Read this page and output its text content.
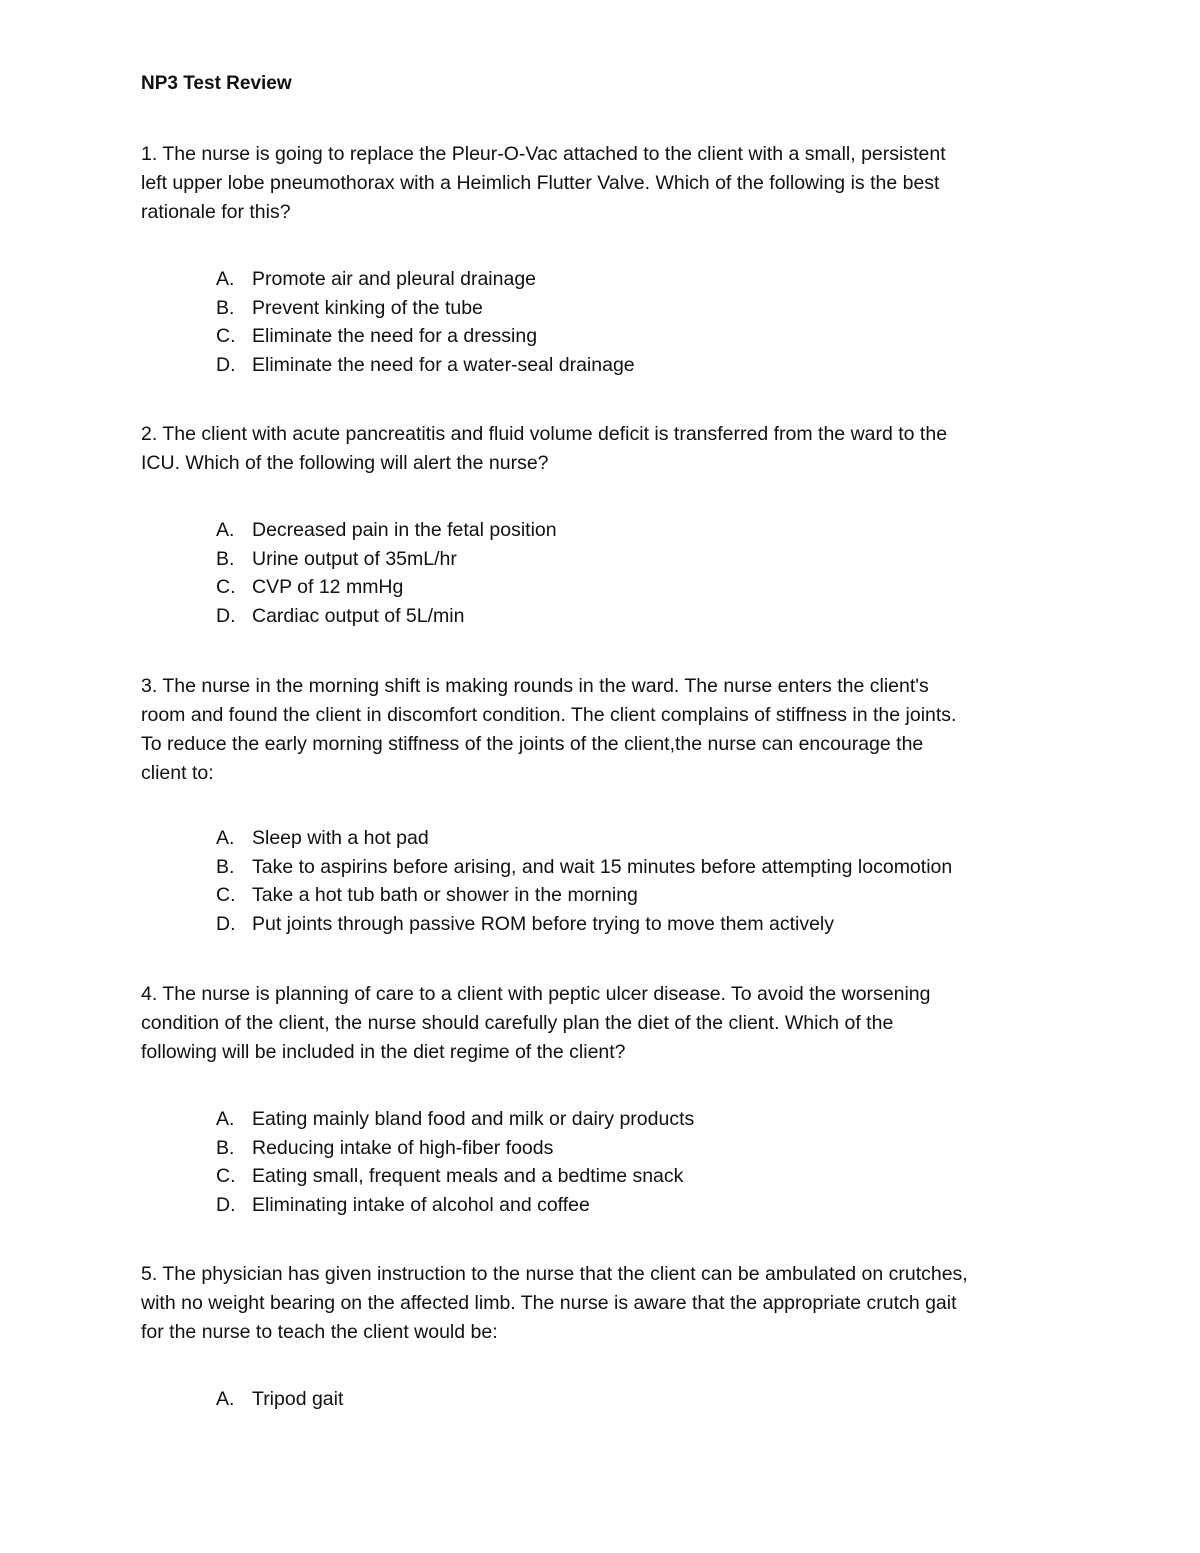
NP3 Test Review

1. The nurse is going to replace the Pleur-O-Vac attached to the client with a small, persistent
left upper lobe pneumothorax with a Heimlich Flutter Valve. Which of the following is the best
rationale for this?

A. Promote air and pleural drainage
B. Prevent kinking of the tube
C. Eliminate the need for a dressing
D. Eliminate the need for a water-seal drainage

2. The client with acute pancreatitis and fluid volume deficit is transferred from the ward to the
ICU. Which of the following will alert the nurse?

A. Decreased pain in the fetal position
B. Urine output of 35mL/hr
C. CVP of 12 mmHg
D. Cardiac output of 5L/min

3. The nurse in the morning shift is making rounds in the ward. The nurse enters the client's
room and found the client in discomfort condition. The client complains of stiffness in the joints.
To reduce the early morning stiffness of the joints of the client,the nurse can encourage the
client to:

A. Sleep with a hot pad
B. Take to aspirins before arising, and wait 15 minutes before attempting locomotion
C. Take a hot tub bath or shower in the morning
D. Put joints through passive ROM before trying to move them actively

4. The nurse is planning of care to a client with peptic ulcer disease. To avoid the worsening
condition of the client, the nurse should carefully plan the diet of the client. Which of the
following will be included in the diet regime of the client?

A. Eating mainly bland food and milk or dairy products
B. Reducing intake of high-fiber foods
C. Eating small, frequent meals and a bedtime snack
D. Eliminating intake of alcohol and coffee

5. The physician has given instruction to the nurse that the client can be ambulated on crutches,
with no weight bearing on the affected limb. The nurse is aware that the appropriate crutch gait
for the nurse to teach the client would be:

A. Tripod gait
